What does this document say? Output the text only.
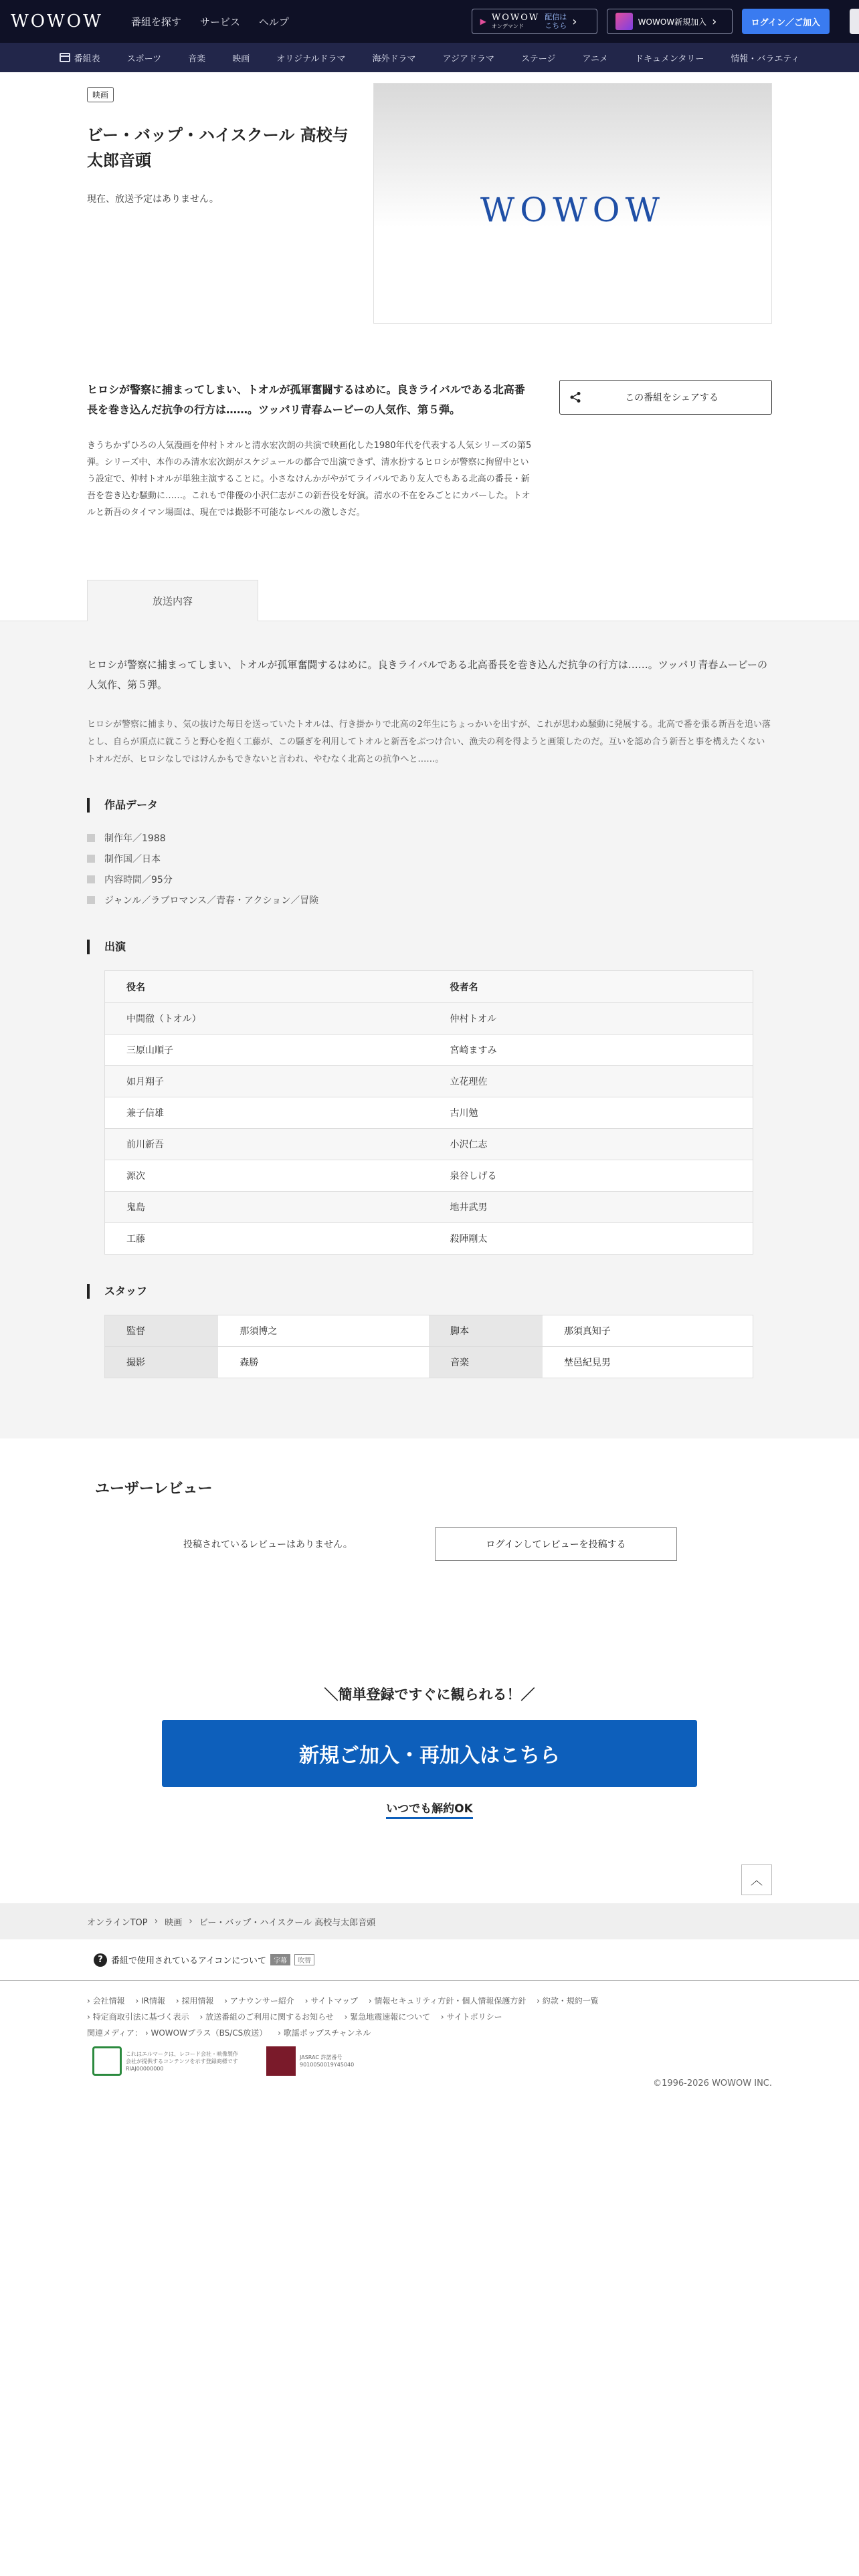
WOWOW	番組を探す サービス ヘルプ	▶ WOWOW
オンデマンド
配信は
こちら ›	WOWOW新規加入 ›	ログイン／ご加入
番組表	スポーツ	音楽	映画	オリジナルドラマ	海外ドラマ	アジアドラマ	ステージ	アニメ	ドキュメンタリー	情報・バラエティ
映画
ビー・バップ・ハイスクール 高校与太郎音頭

現在、放送予定はありません。	WOWOW

ヒロシが警察に捕まってしまい、トオルが孤軍奮闘するはめに。良きライバルである北高番長を巻き込んだ抗争の行方は……。ツッパリ青春ムービーの人気作、第５弾。

きうちかずひろの人気漫画を仲村トオルと清水宏次朗の共演で映画化した1980年代を代表する人気シリーズの第5弾。シリーズ中、本作のみ清水宏次朗がスケジュールの都合で出演できず、清水扮するヒロシが警察に拘留中という設定で、仲村トオルが単独主演することに。小さなけんかがやがてライバルであり友人でもある北高の番長・新吾を巻き込む騒動に……。これもで俳優の小沢仁志がこの新吾役を好演。清水の不在をみごとにカバーした。トオルと新吾のタイマン場面は、現在では撮影不可能なレベルの激しさだ。

この番組をシェアする
放送内容

ヒロシが警察に捕まってしまい、トオルが孤軍奮闘するはめに。良きライバルである北高番長を巻き込んだ抗争の行方は……。ツッパリ青春ムービーの人気作、第５弾。

ヒロシが警察に捕まり、気の抜けた毎日を送っていたトオルは、行き掛かりで北高の2年生にちょっかいを出すが、これが思わぬ騒動に発展する。北高で番を張る新吾を追い落とし、自らが頂点に就こうと野心を抱く工藤が、この騒ぎを利用してトオルと新吾をぶつけ合い、漁夫の利を得ようと画策したのだ。互いを認め合う新吾と事を構えたくないトオルだが、ヒロシなしではけんかもできないと言われ、やむなく北高との抗争へと……。

作品データ
制作年／1988
制作国／日本
内容時間／95分
ジャンル／ラブロマンス／青春・アクション／冒険
出演
役名	役者名
中間徹（トオル）	仲村トオル
三原山順子	宮崎ますみ
如月翔子	立花理佐
兼子信雄	古川勉
前川新吾	小沢仁志
源次	泉谷しげる
鬼島	地井武男
工藤	殺陣剛太
スタッフ
監督	那須博之	脚本	那須真知子
撮影	森勝	音楽	埜邑紀見男
ユーザーレビュー
投稿されているレビューはありません。	ログインしてレビューを投稿する

＼簡単登録ですぐに観られる！／

新規ご加入・再加入はこちら
いつでも解約OK
︿
オンラインTOP › 映画 › ビー・バップ・ハイスクール 高校与太郎音頭
? 番組で使用されているアイコンについて	字幕	吹替
› 会社情報 › IR情報 › 採用情報 › アナウンサー紹介 › サイトマップ › 情報セキュリティ方針・個人情報保護方針 › 約款・規約一覧
› 特定商取引法に基づく表示 › 放送番組のご利用に関するお知らせ › 緊急地震速報について › サイトポリシー
関連メディア： › WOWOWプラス（BS/CS放送） › 歌謡ポップスチャンネル
これはエルマークは、レコード会社・映像製作会社が提供するコンテンツを示す登録商標です RIAJ00000000
JASRAC 許諾番号 9010050019Y45040
©1996-2026 WOWOW INC.
